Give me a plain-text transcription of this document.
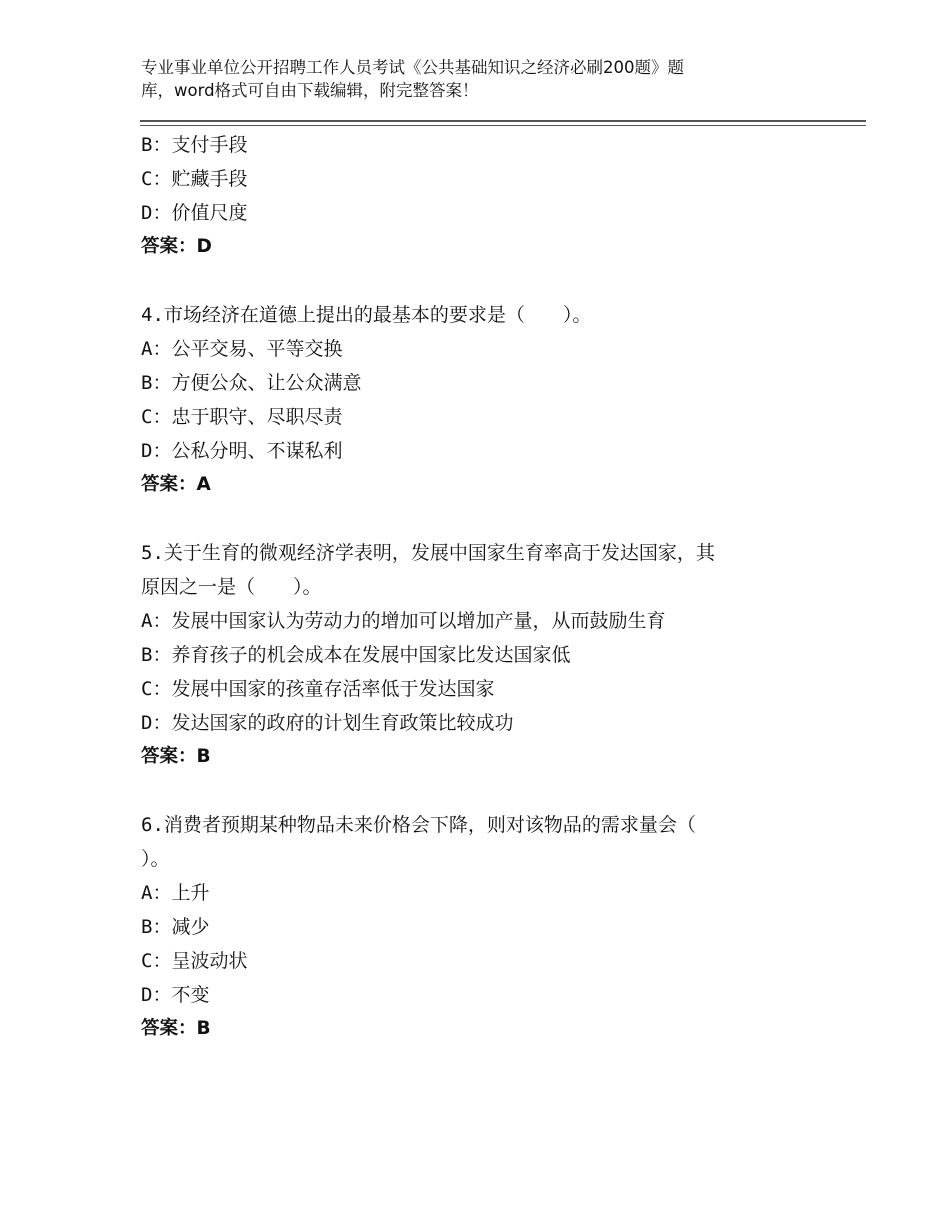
专业事业单位公开招聘工作人员考试《公共基础知识之经济必刷200题》题
库，word格式可自由下载编辑，附完整答案！
B：支付手段
C：贮藏手段
D：价值尺度
答案：D
4.市场经济在道德上提出的最基本的要求是（　　）。
A：公平交易、平等交换
B：方便公众、让公众满意
C：忠于职守、尽职尽责
D：公私分明、不谋私利
答案：A
5.关于生育的微观经济学表明，发展中国家生育率高于发达国家，其
原因之一是（　　）。
A：发展中国家认为劳动力的增加可以增加产量，从而鼓励生育
B：养育孩子的机会成本在发展中国家比发达国家低
C：发展中国家的孩童存活率低于发达国家
D：发达国家的政府的计划生育政策比较成功
答案：B
6.消费者预期某种物品未来价格会下降，则对该物品的需求量会（
）。
A：上升
B：减少
C：呈波动状
D：不变
答案：B
